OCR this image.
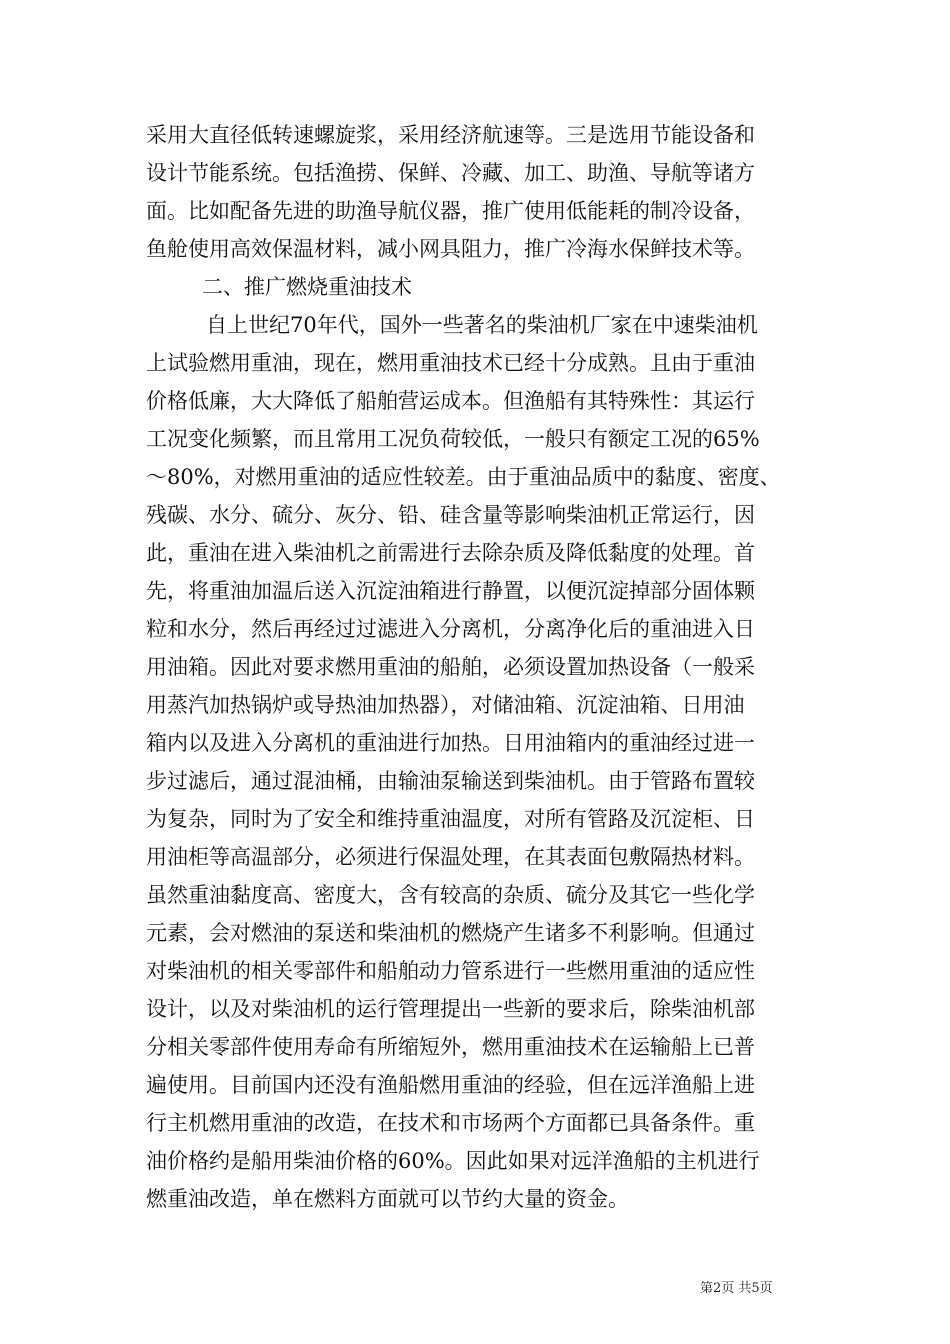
采用大直径低转速螺旋浆，采用经济航速等。三是选用节能设备和
设计节能系统。包括渔捞、保鲜、冷藏、加工、助渔、导航等诸方
面。比如配备先进的助渔导航仪器，推广使用低能耗的制冷设备，
鱼舱使用高效保温材料，减小网具阻力，推广冷海水保鲜技术等。
二、推广燃烧重油技术
自上世纪70年代，国外一些著名的柴油机厂家在中速柴油机
上试验燃用重油，现在，燃用重油技术已经十分成熟。且由于重油
价格低廉，大大降低了船舶营运成本。但渔船有其特殊性：其运行
工况变化频繁，而且常用工况负荷较低，一般只有额定工况的65%
～80%，对燃用重油的适应性较差。由于重油品质中的黏度、密度、
残碳、水分、硫分、灰分、铅、硅含量等影响柴油机正常运行，因
此，重油在进入柴油机之前需进行去除杂质及降低黏度的处理。首
先，将重油加温后送入沉淀油箱进行静置，以便沉淀掉部分固体颗
粒和水分，然后再经过过滤进入分离机，分离净化后的重油进入日
用油箱。因此对要求燃用重油的船舶，必须设置加热设备（一般采
用蒸汽加热锅炉或导热油加热器），对储油箱、沉淀油箱、日用油
箱内以及进入分离机的重油进行加热。日用油箱内的重油经过进一
步过滤后，通过混油桶，由输油泵输送到柴油机。由于管路布置较
为复杂，同时为了安全和维持重油温度，对所有管路及沉淀柜、日
用油柜等高温部分，必须进行保温处理，在其表面包敷隔热材料。
虽然重油黏度高、密度大，含有较高的杂质、硫分及其它一些化学
元素，会对燃油的泵送和柴油机的燃烧产生诸多不利影响。但通过
对柴油机的相关零部件和船舶动力管系进行一些燃用重油的适应性
设计，以及对柴油机的运行管理提出一些新的要求后，除柴油机部
分相关零部件使用寿命有所缩短外，燃用重油技术在运输船上已普
遍使用。目前国内还没有渔船燃用重油的经验，但在远洋渔船上进
行主机燃用重油的改造，在技术和市场两个方面都已具备条件。重
油价格约是船用柴油价格的60%。因此如果对远洋渔船的主机进行
燃重油改造，单在燃料方面就可以节约大量的资金。
第2页 共5页
